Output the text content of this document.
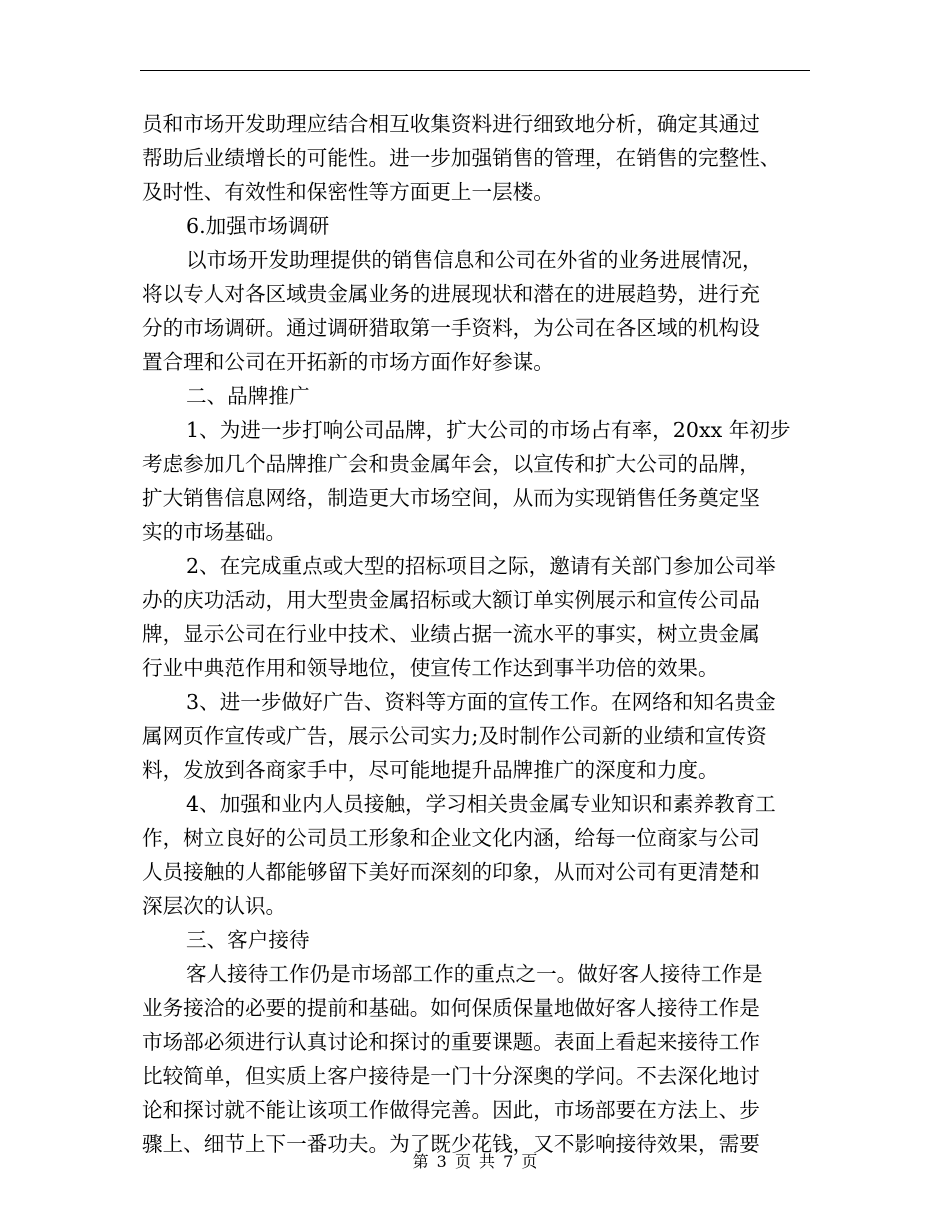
员和市场开发助理应结合相互收集资料进行细致地分析，确定其通过
帮助后业绩增长的可能性。进一步加强销售的管理，在销售的完整性、
及时性、有效性和保密性等方面更上一层楼。
6.加强市场调研
以市场开发助理提供的销售信息和公司在外省的业务进展情况，
将以专人对各区域贵金属业务的进展现状和潜在的进展趋势，进行充
分的市场调研。通过调研猎取第一手资料，为公司在各区域的机构设
置合理和公司在开拓新的市场方面作好参谋。
二、品牌推广
1、为进一步打响公司品牌，扩大公司的市场占有率，20xx 年初步
考虑参加几个品牌推广会和贵金属年会，以宣传和扩大公司的品牌，
扩大销售信息网络，制造更大市场空间，从而为实现销售任务奠定坚
实的市场基础。
2、在完成重点或大型的招标项目之际，邀请有关部门参加公司举
办的庆功活动，用大型贵金属招标或大额订单实例展示和宣传公司品
牌，显示公司在行业中技术、业绩占据一流水平的事实，树立贵金属
行业中典范作用和领导地位，使宣传工作达到事半功倍的效果。
3、进一步做好广告、资料等方面的宣传工作。在网络和知名贵金
属网页作宣传或广告，展示公司实力;及时制作公司新的业绩和宣传资
料，发放到各商家手中，尽可能地提升品牌推广的深度和力度。
4、加强和业内人员接触，学习相关贵金属专业知识和素养教育工
作，树立良好的公司员工形象和企业文化内涵，给每一位商家与公司
人员接触的人都能够留下美好而深刻的印象，从而对公司有更清楚和
深层次的认识。
三、客户接待
客人接待工作仍是市场部工作的重点之一。做好客人接待工作是
业务接洽的必要的提前和基础。如何保质保量地做好客人接待工作是
市场部必须进行认真讨论和探讨的重要课题。表面上看起来接待工作
比较简单，但实质上客户接待是一门十分深奥的学问。不去深化地讨
论和探讨就不能让该项工作做得完善。因此，市场部要在方法上、步
骤上、细节上下一番功夫。为了既少花钱，又不影响接待效果，需要
第 3 页 共 7 页
